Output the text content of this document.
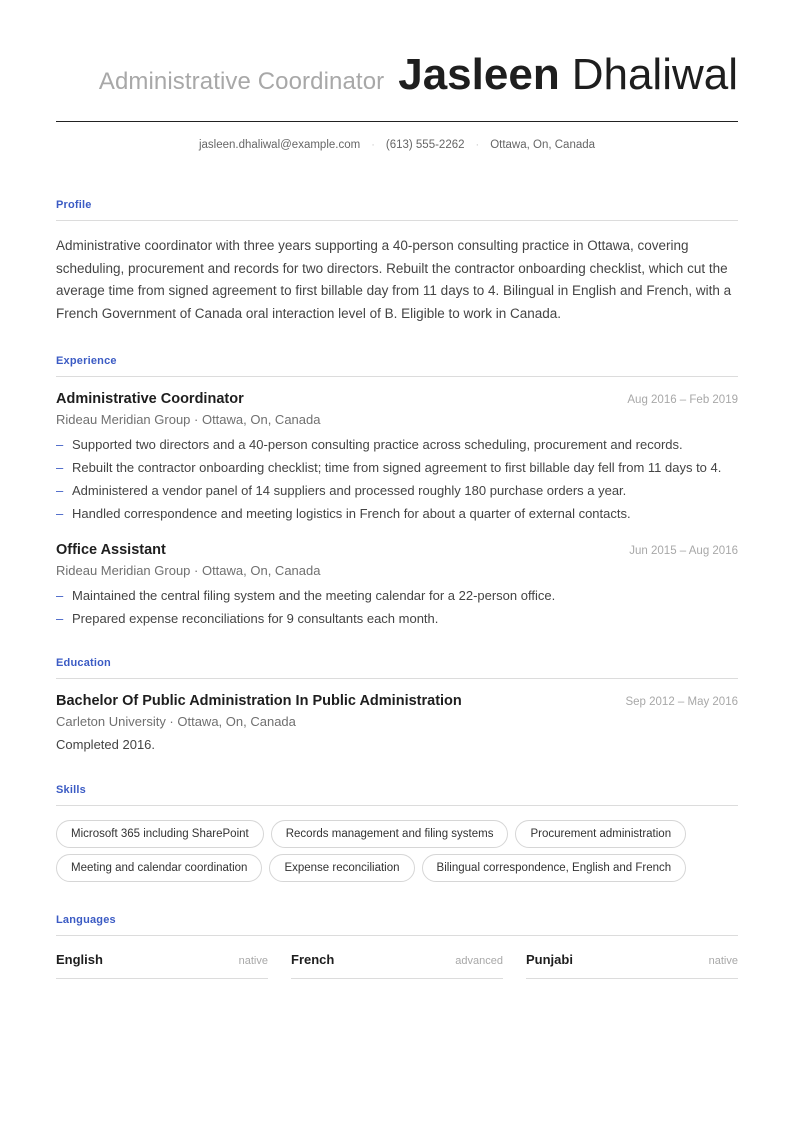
Administrative Coordinator Jasleen Dhaliwal
jasleen.dhaliwal@example.com · (613) 555-2262 · Ottawa, On, Canada
Profile

Administrative coordinator with three years supporting a 40-person consulting practice in Ottawa, covering scheduling, procurement and records for two directors. Rebuilt the contractor onboarding checklist, which cut the average time from signed agreement to first billable day from 11 days to 4. Bilingual in English and French, with a French Government of Canada oral interaction level of B. Eligible to work in Canada.

Experience
Administrative Coordinator	Aug 2016 – Feb 2019
Rideau Meridian Group · Ottawa, On, Canada
– Supported two directors and a 40-person consulting practice across scheduling, procurement and records.
– Rebuilt the contractor onboarding checklist; time from signed agreement to first billable day fell from 11 days to 4.
– Administered a vendor panel of 14 suppliers and processed roughly 180 purchase orders a year.
– Handled correspondence and meeting logistics in French for about a quarter of external contacts.
Office Assistant	Jun 2015 – Aug 2016
Rideau Meridian Group · Ottawa, On, Canada
– Maintained the central filing system and the meeting calendar for a 22-person office.
– Prepared expense reconciliations for 9 consultants each month.
Education
Bachelor Of Public Administration In Public Administration	Sep 2012 – May 2016
Carleton University · Ottawa, On, Canada
Completed 2016.
Skills
Microsoft 365 including SharePoint	Records management and filing systems	Procurement administration
Meeting and calendar coordination	Expense reconciliation	Bilingual correspondence, English and French
Languages
English	native French	advanced Punjabi	native
